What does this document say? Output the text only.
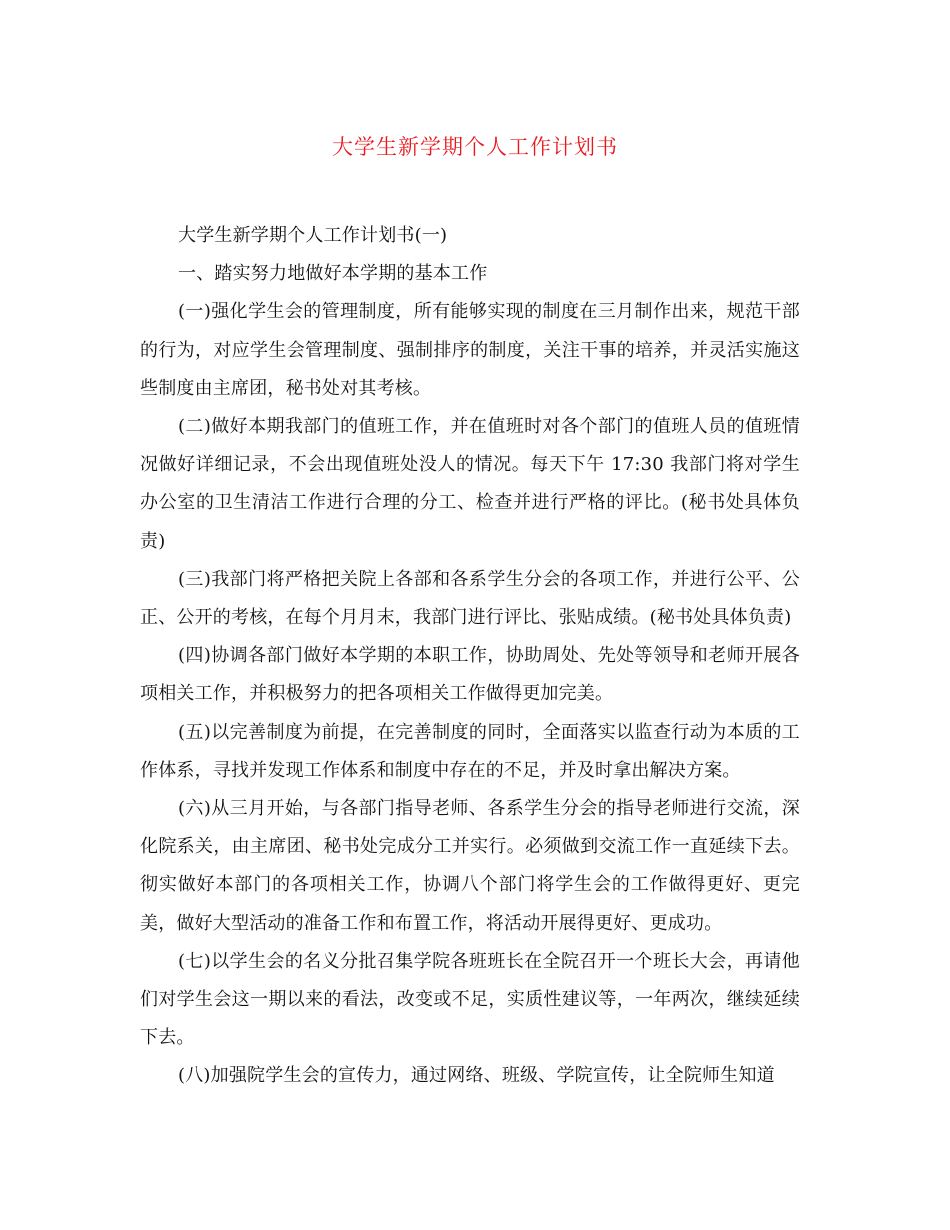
大学生新学期个人工作计划书

大学生新学期个人工作计划书(一)

一、踏实努力地做好本学期的基本工作

(一)强化学生会的管理制度，所有能够实现的制度在三月制作出来，规范干部的行为，对应学生会管理制度、强制排序的制度，关注干事的培养，并灵活实施这些制度由主席团，秘书处对其考核。

(二)做好本期我部门的值班工作，并在值班时对各个部门的值班人员的值班情况做好详细记录，不会出现值班处没人的情况。每天下午 17:30 我部门将对学生办公室的卫生清洁工作进行合理的分工、检查并进行严格的评比。(秘书处具体负责)

(三)我部门将严格把关院上各部和各系学生分会的各项工作，并进行公平、公正、公开的考核，在每个月月末，我部门进行评比、张贴成绩。(秘书处具体负责)

(四)协调各部门做好本学期的本职工作，协助周处、先处等领导和老师开展各项相关工作，并积极努力的把各项相关工作做得更加完美。

(五)以完善制度为前提，在完善制度的同时，全面落实以监查行动为本质的工作体系，寻找并发现工作体系和制度中存在的不足，并及时拿出解决方案。

(六)从三月开始，与各部门指导老师、各系学生分会的指导老师进行交流，深化院系关，由主席团、秘书处完成分工并实行。必须做到交流工作一直延续下去。彻实做好本部门的各项相关工作，协调八个部门将学生会的工作做得更好、更完美，做好大型活动的准备工作和布置工作，将活动开展得更好、更成功。

(七)以学生会的名义分批召集学院各班班长在全院召开一个班长大会，再请他们对学生会这一期以来的看法，改变或不足，实质性建议等，一年两次，继续延续下去。

(八)加强院学生会的宣传力，通过网络、班级、学院宣传，让全院师生知道
